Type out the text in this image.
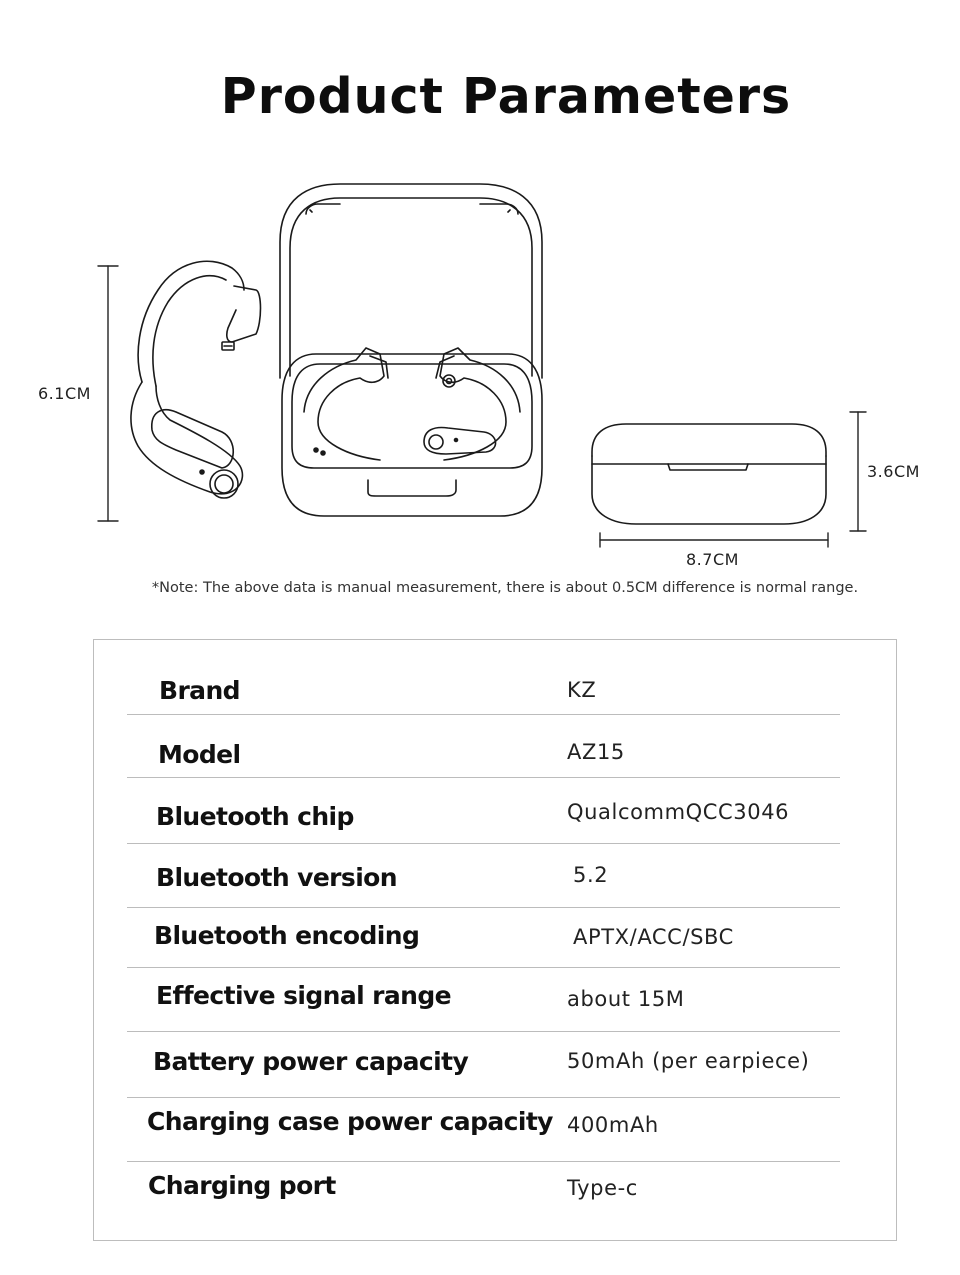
Product Parameters
6.1CM
3.6CM
8.7CM
*Note: The above data is manual measurement, there is about 0.5CM difference is normal range.
Brand	KZ
Model	AZ15
Bluetooth chip	QualcommQCC3046
Bluetooth version	5.2
Bluetooth encoding	APTX/ACC/SBC
Effective signal range	about 15M
Battery power capacity	50mAh (per earpiece)
Charging case power capacity 400mAh
Charging port	Type-c
